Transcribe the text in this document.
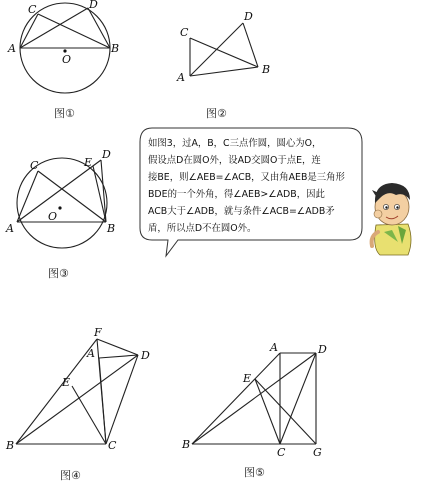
C	D
A	B
O
图①
C
D
A
B
图②
C	E
D
A	B
O
图③
如图3，过A，B，C三点作圆，圆心为O，
假设点D在圆O外，设AD交圆O于点E，连
接BE，则∠AEB=∠ACB，又由角AEB是三角形
BDE的一个外角，得∠AEB>∠ADB，因此
ACB大于∠ADB，就与条件∠ACB=∠ADB矛
盾，所以点D不在圆O外。
F
A	D
E
B	C
图④
A	D
E
B
C	G
图⑤
